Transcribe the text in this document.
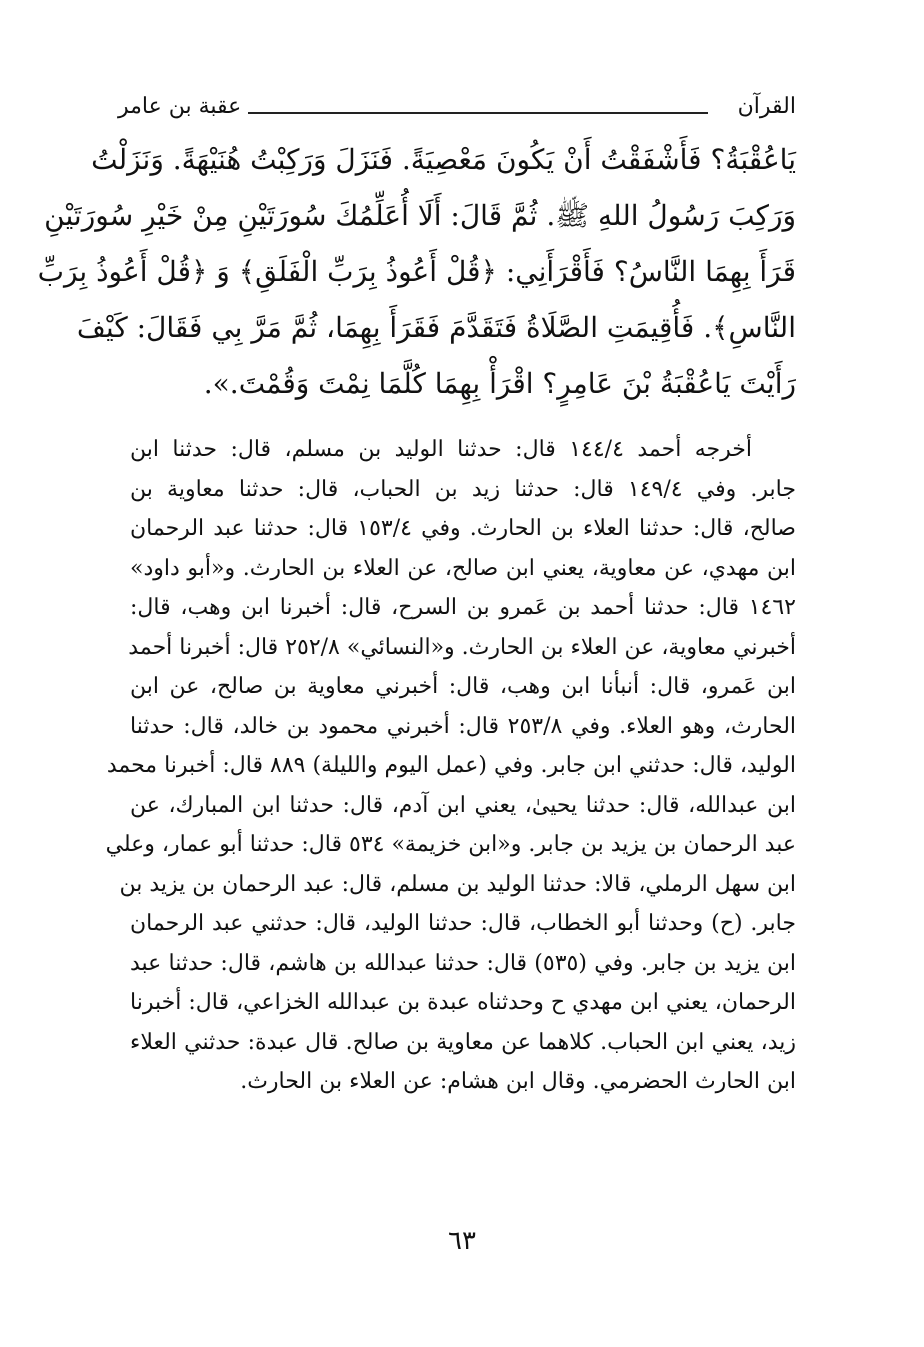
القرآن
عقبة بن عامر
يَاعُقْبَةُ؟ فَأَشْفَقْتُ أَنْ يَكُونَ مَعْصِيَةً. فَنَزَلَ وَرَكِبْتُ هُنَيْهَةً. وَنَزَلْتُ
وَرَكِبَ رَسُولُ اللهِ ﷺ. ثُمَّ قَالَ: أَلَا أُعَلِّمُكَ سُورَتَيْنِ مِنْ خَيْرِ سُورَتَيْنِ
قَرَأَ بِهِمَا النَّاسُ؟ فَأَقْرَأَنِي: ﴿قُلْ أَعُوذُ بِرَبِّ الْفَلَقِ﴾ وَ ﴿قُلْ أَعُوذُ بِرَبِّ
النَّاسِ﴾. فَأُقِيمَتِ الصَّلَاةُ فَتَقَدَّمَ فَقَرَأَ بِهِمَا، ثُمَّ مَرَّ بِي فَقَالَ: كَيْفَ
رَأَيْتَ يَاعُقْبَةُ بْنَ عَامِرٍ؟ اقْرَأْ بِهِمَا كُلَّمَا نِمْتَ وَقُمْتَ.».
أخرجه أحمد ١٤٤/٤ قال: حدثنا الوليد بن مسلم، قال: حدثنا ابن
جابر. وفي ١٤٩/٤ قال: حدثنا زيد بن الحباب، قال: حدثنا معاوية بن
صالح، قال: حدثنا العلاء بن الحارث. وفي ١٥٣/٤ قال: حدثنا عبد الرحمان
ابن مهدي، عن معاوية، يعني ابن صالح، عن العلاء بن الحارث. و«أبو داود»
١٤٦٢ قال: حدثنا أحمد بن عَمرو بن السرح، قال: أخبرنا ابن وهب، قال:
أخبرني معاوية، عن العلاء بن الحارث. و«النسائي» ٢٥٢/٨ قال: أخبرنا أحمد
ابن عَمرو، قال: أنبأنا ابن وهب، قال: أخبرني معاوية بن صالح، عن ابن
الحارث، وهو العلاء. وفي ٢٥٣/٨ قال: أخبرني محمود بن خالد، قال: حدثنا
الوليد، قال: حدثني ابن جابر. وفي (عمل اليوم والليلة) ٨٨٩ قال: أخبرنا محمد
ابن عبدالله، قال: حدثنا يحيىٰ، يعني ابن آدم، قال: حدثنا ابن المبارك، عن
عبد الرحمان بن يزيد بن جابر. و«ابن خزيمة» ٥٣٤ قال: حدثنا أبو عمار، وعلي
ابن سهل الرملي، قالا: حدثنا الوليد بن مسلم، قال: عبد الرحمان بن يزيد بن
جابر. (ح) وحدثنا أبو الخطاب، قال: حدثنا الوليد، قال: حدثني عبد الرحمان
ابن يزيد بن جابر. وفي (٥٣٥) قال: حدثنا عبدالله بن هاشم، قال: حدثنا عبد
الرحمان، يعني ابن مهدي ح وحدثناه عبدة بن عبدالله الخزاعي، قال: أخبرنا
زيد، يعني ابن الحباب. كلاهما عن معاوية بن صالح. قال عبدة: حدثني العلاء
ابن الحارث الحضرمي. وقال ابن هشام: عن العلاء بن الحارث.
٦٣
